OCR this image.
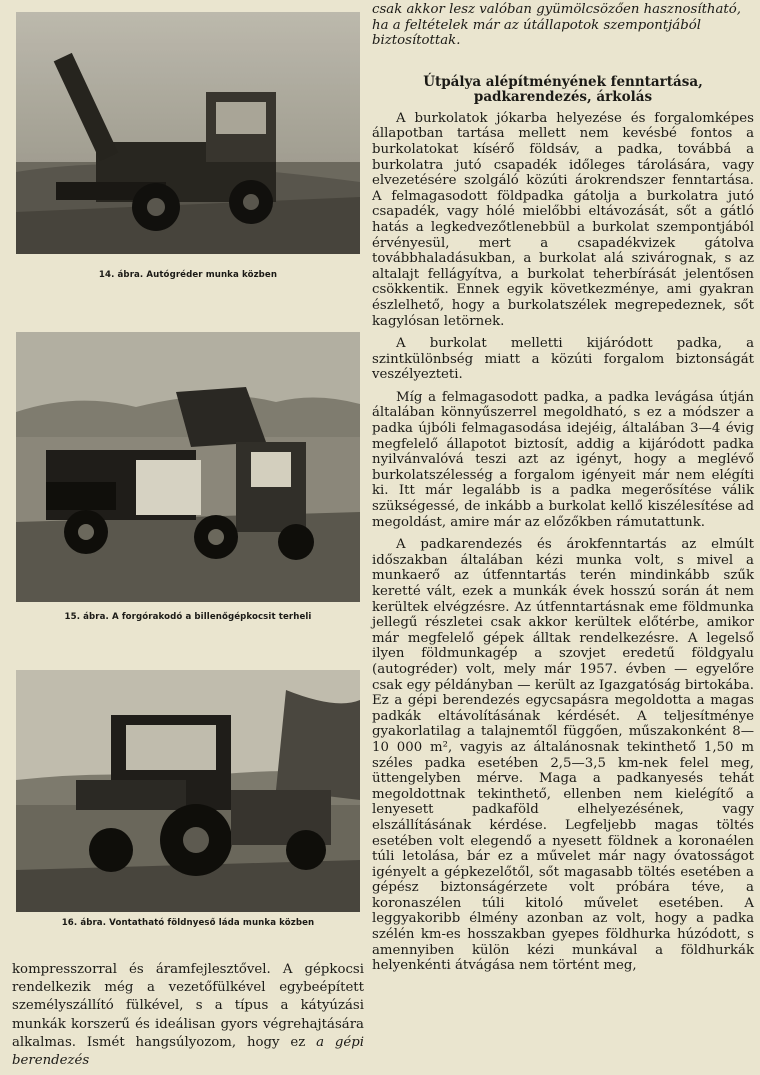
14. ábra. Autógréder munka közben
15. ábra. A forgórakodó a billenőgépkocsit terheli
16. ábra. Vontatható földnyeső láda munka közben

kompresszorral és áramfejlesztővel. A gépkocsi rendelkezik még a vezetőfülkével egybeépített személyszállító fülkével, s a típus a kátyúzási munkák korszerű és ideálisan gyors végrehajtására alkalmas. Ismét hangsúlyozom, hogy ez a gépi berendezés

csak akkor lesz valóban gyümölcsözően hasznosítható, ha a feltételek már az útállapotok szempontjából biztosítottak.

Útpálya alépítményének fenntartása, padkarendezés, árkolás

A burkolatok jókarba helyezése és forgalomképes állapotban tartása mellett nem kevésbé fontos a burkolatokat kísérő földsáv, a padka, továbbá a burkolatra jutó csapadék időleges tárolására, vagy elvezetésére szolgáló közúti árokrendszer fenntartása. A felmagasodott földpadka gátolja a burkolatra jutó csapadék, vagy hólé mielőbbi eltávozását, sőt a gátló hatás a legkedvezőtlenebbül a burkolat szempontjából érvényesül, mert a csapadékvizek gátolva továbbhaladásukban, a burkolat alá szivárognak, s az altalajt fellágyítva, a burkolat teherbírását jelentősen csökkentik. Ennek egyik következménye, ami gyakran észlelhető, hogy a burkolatszélek megrepedeznek, sőt kagylósan letörnek.

A burkolat melletti kijáródott padka, a szintkülönbség miatt a közúti forgalom biztonságát veszélyezteti.

Míg a felmagasodott padka, a padka levágása útján általában könnyűszerrel megoldható, s ez a módszer a padka újbóli felmagasodása idejéig, általában 3—4 évig megfelelő állapotot biztosít, addig a kijáródott padka nyilvánvalóvá teszi azt az igényt, hogy a meglévő burkolatszélesség a forgalom igényeit már nem elégíti ki. Itt már legalább is a padka megerősítése válik szükségessé, de inkább a burkolat kellő kiszélesítése ad megoldást, amire már az előzőkben rámutattunk.

A padkarendezés és árokfenntartás az elmúlt időszakban általában kézi munka volt, s mivel a munkaerő az útfenntartás terén mindinkább szűk keretté vált, ezek a munkák évek hosszú során át nem kerültek elvégzésre. Az útfenntartásnak eme földmunka jellegű részletei csak akkor kerültek előtérbe, amikor már megfelelő gépek álltak rendelkezésre. A legelső ilyen földmunkagép a szovjet eredetű földgyalu (autogréder) volt, mely már 1957. évben — egyelőre csak egy példányban — került az Igazgatóság birtokába. Ez a gépi berendezés egycsapásra megoldotta a magas padkák eltávolításának kérdését. A teljesítménye gyakorlatilag a talajnemtől függően, műszakonként 8—10 000 m², vagyis az általánosnak tekinthető 1,50 m széles padka esetében 2,5—3,5 km-nek felel meg, üttengelyben mérve. Maga a padkanyesés tehát megoldottnak tekinthető, ellenben nem kielégítő a lenyesett padkaföld elhelyezésének, vagy elszállításának kérdése. Legfeljebb magas töltés esetében volt elegendő a nyesett földnek a koronaélen túli letolása, bár ez a művelet már nagy óvatosságot igényelt a gépkezelőtől, sőt magasabb töltés esetében a gépész biztonságérzete volt próbára téve, a koronaszélen túli kitoló művelet esetében. A leggyakoribb élmény azonban az volt, hogy a padka szélén km-es hosszakban gyepes földhurka húzódott, s amennyiben külön kézi munkával a földhurkák helyenkénti átvágása nem történt meg,
